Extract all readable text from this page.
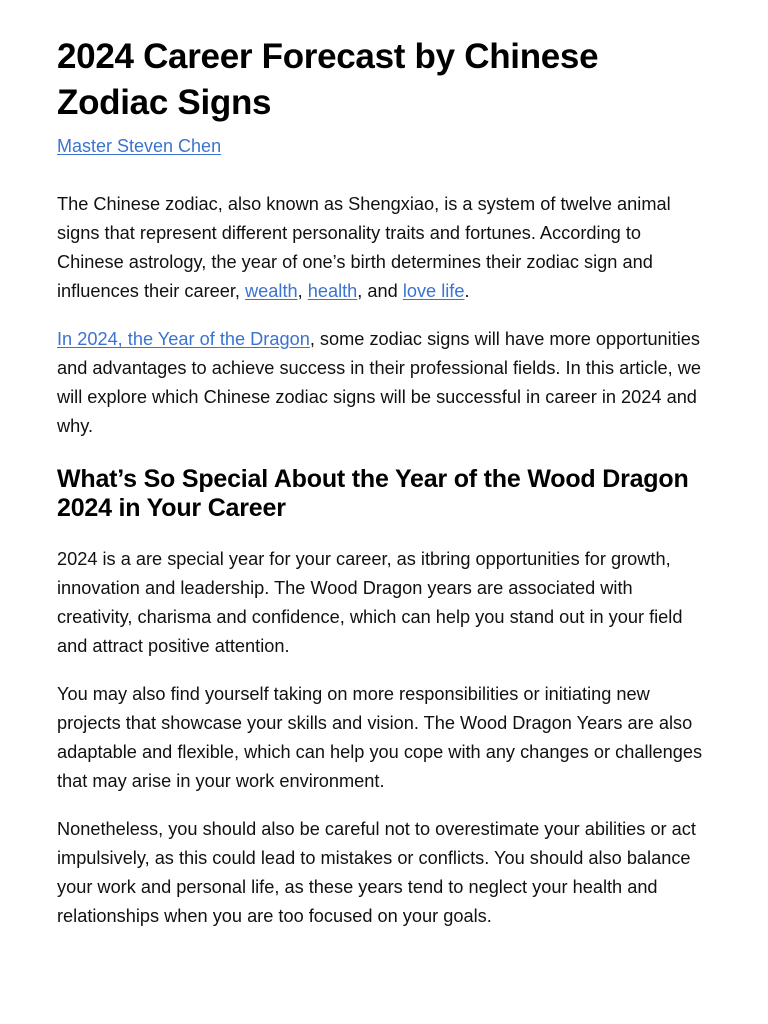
2024 Career Forecast by Chinese Zodiac Signs
Master Steven Chen

The Chinese zodiac, also known as Shengxiao, is a system of twelve animal signs that represent different personality traits and fortunes. According to Chinese astrology, the year of one’s birth determines their zodiac sign and influences their career, wealth, health, and love life.

In 2024, the Year of the Dragon, some zodiac signs will have more opportunities and advantages to achieve success in their professional fields. In this article, we will explore which Chinese zodiac signs will be successful in career in 2024 and why.

What’s So Special About the Year of the Wood Dragon 2024 in Your Career

2024 is a are special year for your career, as itbring opportunities for growth, innovation and leadership. The Wood Dragon years are associated with creativity, charisma and confidence, which can help you stand out in your field and attract positive attention.

You may also find yourself taking on more responsibilities or initiating new projects that showcase your skills and vision. The Wood Dragon Years are also adaptable and flexible, which can help you cope with any changes or challenges that may arise in your work environment.

Nonetheless, you should also be careful not to overestimate your abilities or act impulsively, as this could lead to mistakes or conflicts. You should also balance your work and personal life, as these years tend to neglect your health and relationships when you are too focused on your goals.
